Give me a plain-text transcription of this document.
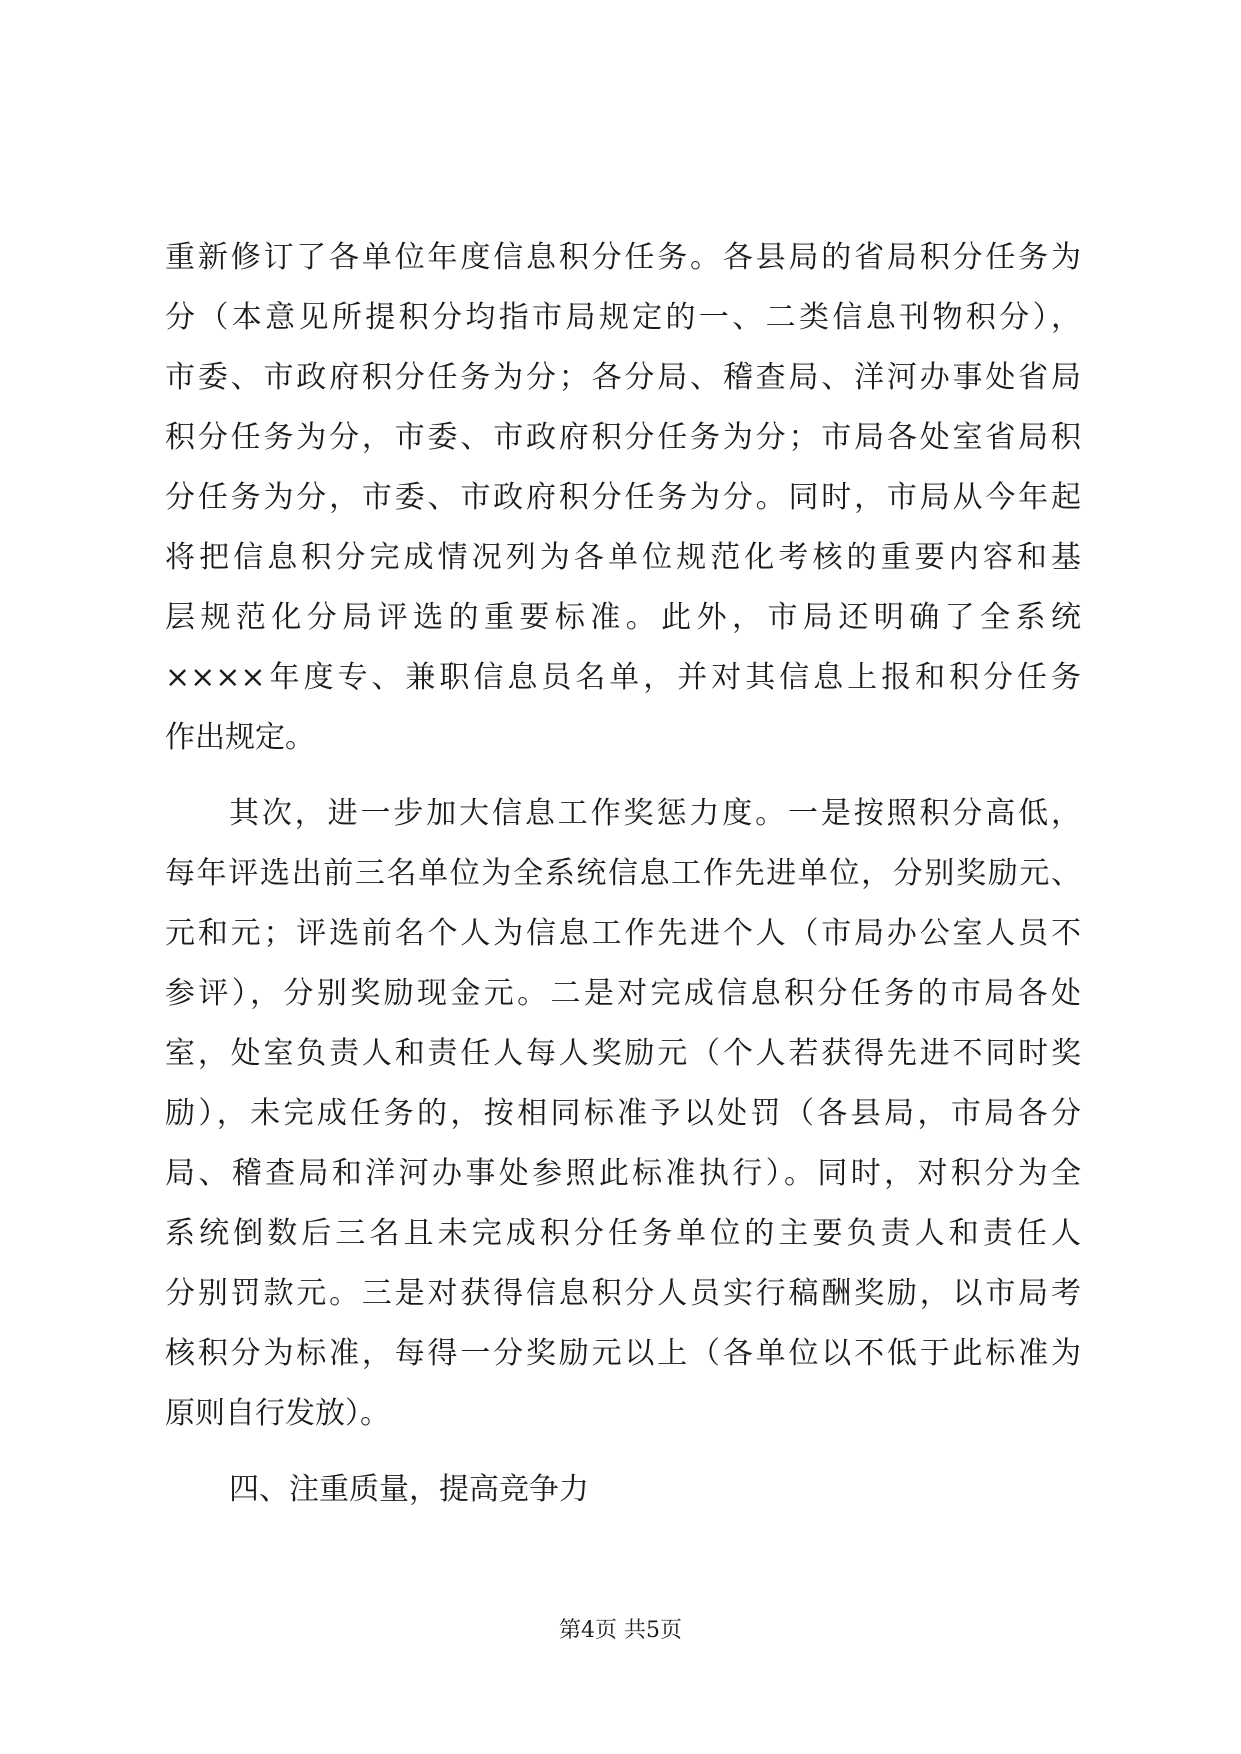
重新修订了各单位年度信息积分任务。各县局的省局积分任务为
分（本意见所提积分均指市局规定的一、二类信息刊物积分），
市委、市政府积分任务为分；各分局、稽查局、洋河办事处省局
积分任务为分，市委、市政府积分任务为分；市局各处室省局积
分任务为分，市委、市政府积分任务为分。同时，市局从今年起
将把信息积分完成情况列为各单位规范化考核的重要内容和基
层规范化分局评选的重要标准。此外，市局还明确了全系统
××××年度专、兼职信息员名单，并对其信息上报和积分任务
作出规定。
其次，进一步加大信息工作奖惩力度。一是按照积分高低，
每年评选出前三名单位为全系统信息工作先进单位，分别奖励元、
元和元；评选前名个人为信息工作先进个人（市局办公室人员不
参评），分别奖励现金元。二是对完成信息积分任务的市局各处
室，处室负责人和责任人每人奖励元（个人若获得先进不同时奖
励），未完成任务的，按相同标准予以处罚（各县局，市局各分
局、稽查局和洋河办事处参照此标准执行）。同时，对积分为全
系统倒数后三名且未完成积分任务单位的主要负责人和责任人
分别罚款元。三是对获得信息积分人员实行稿酬奖励，以市局考
核积分为标准，每得一分奖励元以上（各单位以不低于此标准为
原则自行发放）。
四、注重质量，提高竞争力
第4页 共5页
